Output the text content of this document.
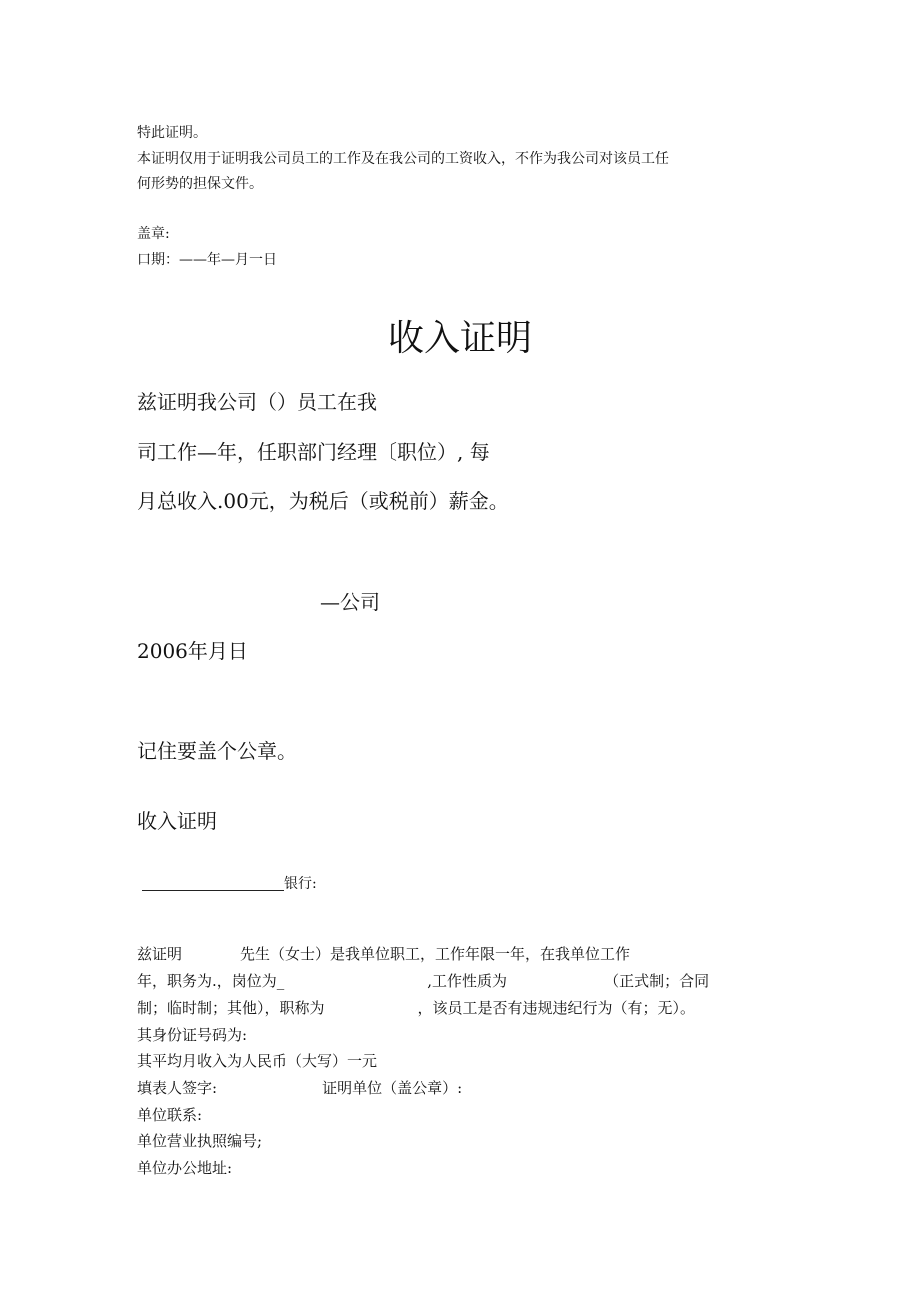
特此证明。
本证明仅用于证明我公司员工的工作及在我公司的工资收入，不作为我公司对该员工任
何形势的担保文件。
盖章:
口期：——年—月一日
收入证明
兹证明我公司（）员工在我
司工作—年，任职部门经理〔职位）, 每
月总收入.00元，为税后（或税前）薪金。
—公司
2006年月日
记住要盖个公章。
收入证明
银行:
兹证明	先生（女士）是我单位职工，工作年限一年，在我单位工作
年，职务为.，岗位为_	,工作性质为	（正式制；合同
制；临时制；其他），职称为	，该员工是否有违规违纪行为（有；无）。
其身份证号码为:
其平均月收入为人民币（大写）一元
填表人签字:	证明单位（盖公章）:
单位联系:
单位营业执照编号;
单位办公地址:
